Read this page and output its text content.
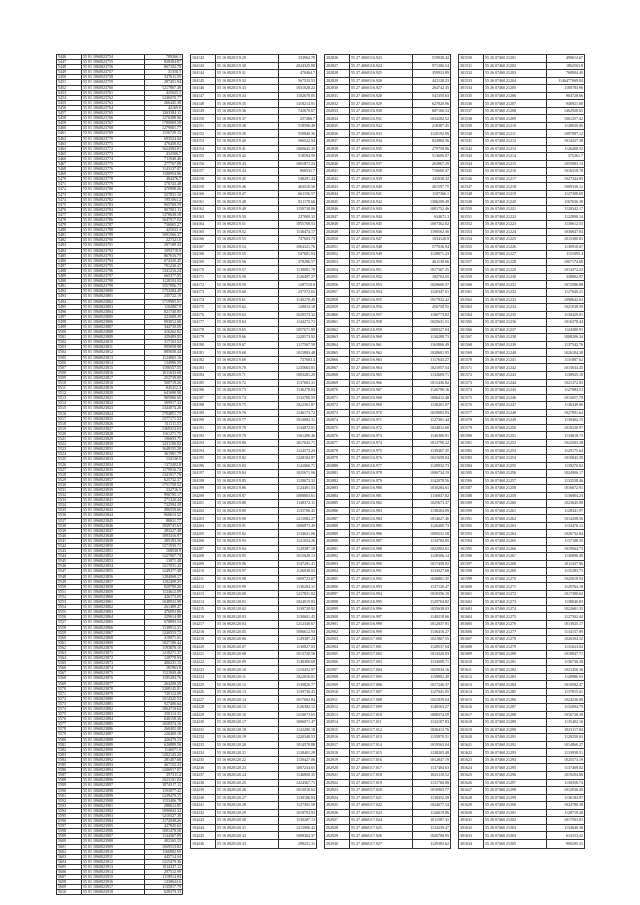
5446	55 01 1060023754	789266.1
5447	55 01 1060023755	828384.87
5448	55 01 1060023756	867102.78
5449	55 01 1060023757	31358.5
5450	55 01 1060023758	347611.59
5451	55 01 1060023759	287451.94
5452	55 01 1060023760	1217867.49
5453	55 01 1060023761	425625.5
5454	55 01 1060023762	1246070.77
5455	55 01 1060023763	266445.38
5456	55 01 1060023764	42169.0
5457	55 01 1060023765	1263384.11
5458	55 01 1060023766	1276388.96
5459	55 01 1060023767	1780069.58
5460	55 01 1060023768	1279001.77
5461	55 01 1060023769	1156729.15
5462	55 01 1060023770	693524.04
5463	55 01 1060023771	476458.92
5464	55 01 1060023772	1624582.01
5465	55 01 1060023773	432506.7
5466	55 01 1060023774	711940.46
5467	55 01 1060023775	277767.08
5468	55 01 1060023776	1143137.87
5469	55 01 1060023777	1106954.96
5470	55 01 1060023778	484476.7
5471	55 01 1060023779	376743.48
5472	55 01 1060023780	470998.26
5473	55 01 1060023781	327831.16
5474	55 01 1060023782	1951061.2
5475	55 01 1060023783	965769.59
5476	55 01 1060023784	907081.11
5477	55 01 1060023785	1378638.18
5478	55 01 1060023786	1647017.02
5479	55 01 1060023787	736065.27
5480	55 01 1060023788	425033.3
5481	55 01 1060023789	1091566.37
5482	55 01 1060023790	227321.6
5483	55 01 1060023791	297189.33
5484	55 01 1060023792	1093718.8
5485	55 01 1060023793	867616.75
5486	55 01 1060023794	674320.45
5487	55 01 1060023795	701230.47
5488	55 01 1060023796	1341216.24
5489	55 01 1060023797	665377.95
5490	55 01 1060023798	1128104.02
5491	55 01 1060023799	1557006.73
5492	55 01 1060023800	1753284.49
5493	55 01 1060023801	235722.19
5494	55 01 1060023802	1719905.01
5495	55 01 1060023803	1102807.8
5496	55 01 1060023804	821740.85
5497	55 01 1060023805	221609.39
5498	55 01 1060023806	903812.68
5499	55 01 1060023807	344730.09
5500	55 01 1060023808	416262.82
5501	55 01 1060023809	429409.05
5502	55 01 1060023810	317163.52
5503	55 01 1060023811	995058.98
5504	55 01 1060023812	885658.44
5505	55 01 1060023813	1124965.16
5506	55 01 1060023814	134986.59
5507	55 01 1060023815	1106557.55
5508	55 01 1060023816	1011633.68
5509	55 01 1060023817	252739.09
5510	55 01 1060023818	560719.26
5511	55 01 1060023819	845412.3
5512	55 01 1060023820	641690.98
5513	55 01 1060023821	905066.65
5514	55 01 1060023822	309917.33
5515	55 01 1060023823	1344074.26
5516	55 01 1060023824	1704851.73
5517	55 01 1060023825	1577171.53
5518	55 01 1060023826	511111.53
5519	55 01 1060023827	1369313.03
5520	55 01 1060023828	1161271.75
5521	55 01 1060023829	196693.75
5522	55 01 1060023830	1231106.82
5523	55 01 1060023831	1648155.28
5524	55 01 1060023832	361981.79
5525	55 01 1060023833	134136.0
5526	55 01 1060023834	1372402.8
5527	55 01 1060023835	1179016.74
5528	55 01 1060023836	1341917.78
5529	55 01 1060023837	625732.37
5530	55 01 1060023838	1751750.52
5531	55 01 1060023839	232716.5
5532	55 01 1060023840	996705.17
5533	55 01 1060023841	271320.44
5534	55 01 1060023842	722594.29
5535	55 01 1060023843	496559.66
5536	55 01 1060023844	960613.52
5537	55 01 1060023845	88631.77
5538	55 01 1060023846	1039745.63
5539	55 01 1060023847	283227.48
5540	55 01 1060023848	1093316.97
5541	55 01 1060023849	285183.56
5542	55 01 1060023850	1271930.71
5543	55 01 1060023851	168530.9
5544	55 01 1060023852	1227067.74
5545	55 01 1060023853	13871.48
5546	55 01 1060023854	1217031.43
5547	55 01 1060023855	1249377.48
5548	55 01 1060023856	1284068.17
5549	55 01 1060023857	1102498.23
5550	55 01 1060023858	820790.26
5551	55 01 1060023859	1134612.89
5552	55 01 1060023860	426173.05
5553	55 01 1060023861	1048932.98
5554	55 01 1060023862	261489.47
5555	55 01 1060023863	476893.86
5556	55 01 1060023864	229614.88
5557	55 01 1060023865	678893.54
5558	55 01 1060023866	1138912.31
5559	55 01 1060023867	1240553.72
5560	55 01 1060023868	410071.01
5561	55 01 1060023869	1027186.44
5562	55 01 1060023870	1193870.16
5563	55 01 1060023871	1218271.37
5564	55 01 1060023872	128778.93
5565	55 01 1060023873	406231.15
5566	55 01 1060023874	181963.8
5567	55 01 1060023875	1121849.46
5568	55 01 1060023876	1105283.76
5569	55 01 1060023877	264208.59
5570	55 01 1060023878	1208145.81
5571	55 01 1060023879	720112.09
5572	55 01 1060023880	1014325.53
5573	55 01 1060023881	927406.64
5574	55 01 1060023882	1064719.64
5575	55 01 1060023883	258114.31
5576	55 01 1060023884	646158.36
5577	55 01 1060023885	1028374.16
5578	55 01 1060023886	260402.08
5579	55 01 1060023887	226460.18
5580	55 01 1060023888	426479.13
5581	55 01 1060023889	626889.56
5582	55 01 1060023890	1146071.9
5583	55 01 1060023891	1202143.26
5584	55 01 1060023892	281407.68
5585	55 01 1060023893	467152.33
5586	55 01 1060023894	1206917.07
5587	55 01 1060023895	297311.4
5588	55 01 1060023896	1023101.84
5589	55 01 1060023897	1074317.11
5590	55 01 1060023898	1193077.42
5591	55 01 1060023899	1239479.15
5592	55 01 1060023900	1153406.78
5593	55 01 1060023901	288612.85
5594	55 01 1060023902	1096843.34
5595	55 01 1060023903	1210327.38
5596	55 01 1060023904	1172049.26
5597	55 01 1060023905	427845.62
5598	55 01 1060023906	1001478.58
5599	55 01 1060023907	1144367.89
5600	55 01 1060023908	402165.15
5601	55 01 1060023909	1069513.82
5602	55 01 1060023910	1160082.69
5603	55 01 1060023911	445714.04
5604	55 01 1060023912	1215479.36
5605	55 01 1060023913	1014337.11
5606	55 01 1060023914	297512.99
5607	55 01 1060023915	1118914.84
5608	55 01 1060023916	1238624.6
5609	55 01 1060023917	1135817.79
5610	55 01 1060023918	628379.33
104142	55 16 0020119.29	333962.78
104143	55 16 0020119.30	2024325.88
104144	55 16 0020119.31	470464.7
104145	55 16 0020119.32	567533.53
104146	55 16 0020119.33	1031028.22
104147	55 16 0020119.34	1102678.85
104148	55 16 0020119.35	1418214.91
104149	55 16 0020119.36	742670.67
104150	55 16 0020119.37	257486.7
104151	55 16 0020119.38	518596.48
104152	55 16 0020119.39	550940.36
104153	55 16 0020119.40	506522.94
104154	55 16 0020119.41	1060643.35
104155	55 16 0020119.42	518594.99
104156	55 16 0020119.43	1001871.24
104157	55 16 0020119.44	866531.7
104158	55 16 0020119.45	548291.44
104159	55 16 0020119.46	463510.56
104160	55 16 0020119.47	661156.57
104161	55 16 0020119.48	821178.66
104162	55 16 0020119.49	1150730.06
104163	55 16 0020119.50	237000.32
104164	55 16 0020119.51	1055768.53
104165	55 16 0020119.52	1136474.17
104166	55 16 0020119.53	747603.73
104167	55 16 0020119.54	1064321.76
104168	55 16 0020119.55	547601.04
104169	55 16 0020119.56	378286.57
104170	55 16 0020119.57	1138001.78
104171	55 16 0020119.58	1126497.27
104172	55 16 0020119.59	1287510.8
104173	55 16 0020119.60	237572.65
104174	55 16 0020119.61	1140270.49
104175	55 16 0020119.62	128813.18
104176	55 16 0020119.63	1029573.32
104177	55 16 0020119.64	1144273.72
104178	55 16 0020119.65	1057671.89
104179	55 16 0020119.66	1228573.92
104180	55 16 0020119.67	1117567.59
104181	55 16 0020119.68	1015883.48
104182	55 16 0020119.69	737603.4
104183	55 16 0020119.70	1235663.81
104184	55 16 0020119.71	1003281.29
104185	55 16 0020119.72	1137003.31
104186	55 16 0020119.73	1136278.04
104187	55 16 0020119.74	1132700.55
104188	55 16 0020119.75	1022361.87
104189	55 16 0020119.76	1146173.72
104190	55 16 0020119.77	1014082.31
104191	55 16 0020119.78	1134872.01
104192	55 16 0020119.79	1161280.46
104193	55 16 0020119.80	1017043.71
104194	55 16 0020119.81	1124573.23
104195	55 16 0020119.82	1228104.87
104196	55 16 0020119.83	1142060.71
104197	55 16 0020119.84	1025671.96
104198	55 16 0020119.85	1128673.32
104199	55 16 0020119.86	1124401.53
104200	55 16 0020119.87	1008003.61
104201	55 16 0020119.88	1148372.11
104202	55 16 0020119.89	1135706.45
104203	55 16 0020119.90	1213082.27
104204	55 16 0020119.91	1006873.49
104205	55 16 0020119.92	1134621.06
104206	55 16 0020119.93	1121034.26
104207	55 16 0020119.94	1129387.18
104208	55 16 0020119.95	1015028.13
104209	55 16 0020119.96	1147281.41
104210	55 16 0020119.97	1126038.03
104211	55 16 0020119.98	1009723.67
104212	55 16 0020119.99	1136204.31
104213	55 16 0020120.00	1217831.02
104214	55 16 0020120.01	1024019.83
104215	55 16 0020120.02	1139728.92
104216	55 16 0020120.03	1130601.45
104217	55 16 0020120.04	1212340.67
104218	55 16 0020120.05	1006612.93
104219	55 16 0020120.06	1129387.24
104220	55 16 0020120.07	1130827.03
104221	55 16 0020120.08	1013720.56
104222	55 16 0020120.09	1148300.69
104223	55 16 0020120.10	1210452.97
104224	55 16 0020120.11	1022016.01
104225	55 16 0020120.12	1130826.77
104226	55 16 0020120.13	1139730.43
104227	55 16 0020120.14	1017602.84
104228	55 16 0020120.15	1126382.12
104229	55 16 0020120.16	1210073.65
104230	55 16 0020120.17	1006071.47
104231	55 16 0020120.18	1142280.18
104232	55 16 0020120.19	1220340.53
104233	55 16 0020120.20	1014570.88
104234	55 16 0020120.21	1128401.29
104235	55 16 0020120.22	1130427.06
104236	55 16 0020120.23	1007234.61
104237	55 16 0020120.24	1146800.35
104238	55 16 0020120.25	1224367.71
104239	55 16 0020120.26	1012018.62
104240	55 16 0020120.27	1139106.04
104241	55 16 0020120.28	1127301.58
104242	55 16 0020120.29	1018703.93
104243	55 16 0020120.30	1130287.13
104244	55 16 0020120.31	1213906.42
104245	55 16 0020120.32	1008362.37
104246	55 16 0020120.33	298231.31
202826	55 27 4060116.923	519038.42
202827	55 27 4060116.924	971306.54
202828	55 27 4060116.925	359933.89
202829	55 27 4060116.926	441128.23
202830	55 27 4060116.927	264742.35
202831	55 27 4060116.928	541355.63
202832	55 27 4060116.929	627820.96
202833	55 27 4060116.930	687166.54
202834	55 27 4060116.931	1634282.52
202835	55 27 4060116.932	218387.45
202836	55 27 4060116.933	1120192.99
202837	55 27 4060116.934	823860.56
202838	55 27 4060116.935	279758.86
202839	55 27 4060116.936	513606.07
202840	55 27 4060116.937	263867.29
202841	55 27 4060116.938	716600.47
202842	55 27 4060116.939	345638.32
202843	55 27 4060116.940	401597.75
202844	55 27 4060116.941	1107366.1
202845	55 27 4060116.942	1306209.49
202846	55 27 4060116.943	1081752.46
202847	55 27 4060116.944	634671.3
202848	55 27 4060116.945	1007362.82
202849	55 27 4060116.946	1190562.36
202850	55 27 4060116.947	1034128.9
202851	55 27 4060116.948	577636.94
202852	55 27 4060116.949	1128071.23
202853	55 27 4060116.950	461138.66
202854	55 27 4060116.951	1017367.25
202855	55 27 4060116.952	182704.65
202856	55 27 4060116.953	1029606.57
202857	55 27 4060116.954	1120347.01
202858	55 27 4060116.955	1017932.42
202859	55 27 4060116.956	456758.55
202860	55 27 4060116.957	1106773.82
202861	55 27 4060116.958	1025631.51
202862	55 27 4060116.959	1009327.04
202863	55 27 4060116.960	1130288.73
202864	55 27 4060116.961	1163806.49
202865	55 27 4060116.962	1028601.95
202866	55 27 4060116.963	1117643.27
202867	55 27 4060116.964	1021057.54
202868	55 27 4060116.965	1132609.71
202869	55 27 4060116.966	1015436.82
202870	55 27 4060116.967	1126790.16
202871	55 27 4060116.968	1006412.48
202872	55 27 4060116.969	1138201.07
202873	55 27 4060116.970	1019083.93
202874	55 27 4060116.971	1127301.44
202875	55 27 4060116.972	1024812.68
202876	55 27 4060116.973	1146300.91
202877	55 27 4060116.974	1013790.22
202878	55 27 4060116.975	1139467.35
202879	55 27 4060116.976	1021658.04
202880	55 27 4060116.977	1128932.73
202881	55 27 4060116.978	1006734.19
202882	55 27 4060116.979	1142078.56
202883	55 27 4060116.980	1030284.61
202884	55 27 4060116.981	1116037.82
202885	55 27 4060116.982	1025673.37
202886	55 27 4060116.983	1138204.09
202887	55 27 4060116.984	1014627.46
202888	55 27 4060116.985	1126400.73
202889	55 27 4060116.986	1009231.58
202890	55 27 4060116.987	1134782.05
202891	55 27 4060116.988	1022904.61
202892	55 27 4060116.989	1128306.14
202893	55 27 4060116.990	1017458.92
202894	55 27 4060116.991	1133027.68
202895	55 27 4060116.992	1026801.35
202896	55 27 4060116.993	1137120.47
202897	55 27 4060116.994	1010356.19
202898	55 27 4060116.995	1129704.82
202899	55 27 4060116.996	1025638.03
202900	55 27 4060116.997	1140218.66
202901	55 27 4060116.998	1012037.91
202902	55 27 4060116.999	1136410.27
202903	55 27 4060117.000	1021867.55
202904	55 27 4060117.001	1128537.04
202905	55 27 4060117.002	1014320.83
202906	55 27 4060117.003	1133608.71
202907	55 27 4060117.004	1025034.16
202908	55 27 4060117.005	1139802.49
202909	55 27 4060117.006	1017246.37
202910	55 27 4060117.007	1127641.05
202911	55 27 4060117.008	1021839.64
202912	55 27 4060117.009	1140563.27
202913	55 27 4060117.010	1008374.59
202914	55 27 4060117.011	1132107.83
202915	55 27 4060117.012	1026412.76
202916	55 27 4060117.013	1135870.31
202917	55 27 4060117.014	1019563.04
202918	55 27 4060117.015	1128205.48
202919	55 27 4060117.016	1012847.19
202920	55 27 4060117.017	1137404.63
202921	55 27 4060117.018	1023118.52
202922	55 27 4060117.019	1131760.08
202923	55 27 4060117.020	1016903.77
202924	55 27 4060117.021	1138452.39
202925	55 27 4060117.022	1024677.14
202926	55 27 4060117.023	1126019.86
202927	55 27 4060117.024	1011587.31
202928	55 27 4060117.025	1134239.47
202929	55 27 4060117.026	1020708.95
202930	55 27 4060117.027	1129383.62
301530	55 26 07460 21201	490614.67
301531	55 26 07460 21202	1862563.8
301532	55 26 07460 21203	768904.49
301533	55 26 07460 21204	1146477069.04
301534	55 26 07460 21205	1180783.96
301535	55 26 07460 21206	904728.66
301536	55 26 07460 21207	940921.68
301537	55 26 07460 21208	1462928.65
301538	55 26 07460 21209	1061257.42
301539	55 26 07460 21210	1128030.06
301540	55 26 07460 21211	1097087.12
301541	55 26 07460 21212	1014327.38
301542	55 26 07460 21213	1126408.52
301543	55 26 07460 21214	375261.7
301544	55 26 07460 21215	1055083.14
301545	55 26 07460 21216	1016318.78
301546	55 26 07460 21217	1027344.85
301547	55 26 07460 21218	1009336.12
301548	55 26 07460 21219	1127308.69
301549	55 26 07460 21220	1167636.38
301550	55 26 07460 21221	1120342.17
301551	55 26 07460 21222	1122900.14
301552	55 26 07460 21223	1130612.53
301553	55 26 07460 21224	1036847.04
301554	55 26 07460 21225	1015380.81
301555	55 26 07460 21226	1130910.67
301556	55 26 07460 21227	1121093.4
301557	55 26 07460 21228	1067174.68
301558	55 26 07460 21229	1014372.23
301559	55 26 07460 21230	338802.97
301560	55 26 07460 21231	1072586.88
301561	55 26 07460 21232	1127640.21
301562	55 26 07460 21233	1098642.63
301563	55 26 07460 21234	1021038.59
301564	55 26 07460 21235	1130429.01
301565	55 26 07460 21236	1016378.44
301566	55 26 07460 21237	1124380.91
301567	55 26 07460 21238	1008206.34
301568	55 26 07460 21239	1137542.76
301569	55 26 07460 21240	1026184.38
301570	55 26 07460 21241	1131087.62
301571	55 26 07460 21242	1015634.45
301572	55 26 07460 21243	1138925.18
301573	55 26 07460 21244	1021372.83
301574	55 26 07460 21245	1127084.51
301575	55 26 07460 21246	1012657.79
301576	55 26 07460 21247	1136349.06
301577	55 26 07460 21248	1027891.64
301578	55 26 07460 21249	1130402.15
301579	55 26 07460 21250	1018236.97
301580	55 26 07460 21251	1134618.73
301581	55 26 07460 21252	1022503.28
301582	55 26 07460 21253	1129175.64
301583	55 26 07460 21254	1010843.39
301584	55 26 07460 21255	1139270.82
301585	55 26 07460 21256	1024906.17
301586	55 26 07460 21257	1132538.46
301587	55 26 07460 21258	1016072.91
301588	55 26 07460 21259	1136804.23
301589	55 26 07460 21260	1023645.08
301590	55 26 07460 21261	1128341.97
301591	55 26 07460 21262	1014208.56
301592	55 26 07460 21263	1133476.12
301593	55 26 07460 21264	1026732.84
301594	55 26 07460 21265	1137108.35
301595	55 26 07460 21266	1019564.73
301596	55 26 07460 21267	1130890.49
301597	55 26 07460 21268	1011437.06
301598	55 26 07460 21269	1135283.71
301599	55 26 07460 21270	1025018.94
301600	55 26 07460 21271	1129764.18
301601	55 26 07460 21272	1017390.62
301602	55 26 07460 21273	1138046.83
301603	55 26 07460 21274	1022681.35
301604	55 26 07460 21275	1127502.44
301605	55 26 07460 21276	1013925.17
301606	55 26 07460 21277	1134157.89
301607	55 26 07460 21278	1026304.52
301608	55 26 07460 21279	1131623.04
301609	55 26 07460 21280	1018847.71
301610	55 26 07460 21281	1136730.28
301611	55 26 07460 21282	1021459.36
301612	55 26 07460 21283	1128986.93
301613	55 26 07460 21284	1010582.47
301614	55 26 07460 21285	1137815.61
301615	55 26 07460 21286	1024236.08
301616	55 26 07460 21287	1132094.75
301617	55 26 07460 21288	1016728.39
301618	55 26 07460 21289	1135402.16
301619	55 26 07460 21290	1023117.84
301620	55 26 07460 21291	1129250.63
301621	55 26 07460 21292	1014860.27
301622	55 26 07460 21293	1133938.51
301623	55 26 07460 21294	1025573.19
301624	55 26 07460 21295	1137469.02
301625	55 26 07460 21296	1019204.86
301626	55 26 07460 21297	1130358.74
301627	55 26 07460 21298	1012036.45
301628	55 26 07460 21299	1136184.97
301629	55 26 07460 21300	1024780.38
301630	55 26 07460 21301	1128719.26
301631	55 26 07460 21302	1017503.81
301632	55 26 07460 21303	1134640.58
301633	55 26 07460 21304	614153.42
301634	55 26 07460 21305	900285.31
